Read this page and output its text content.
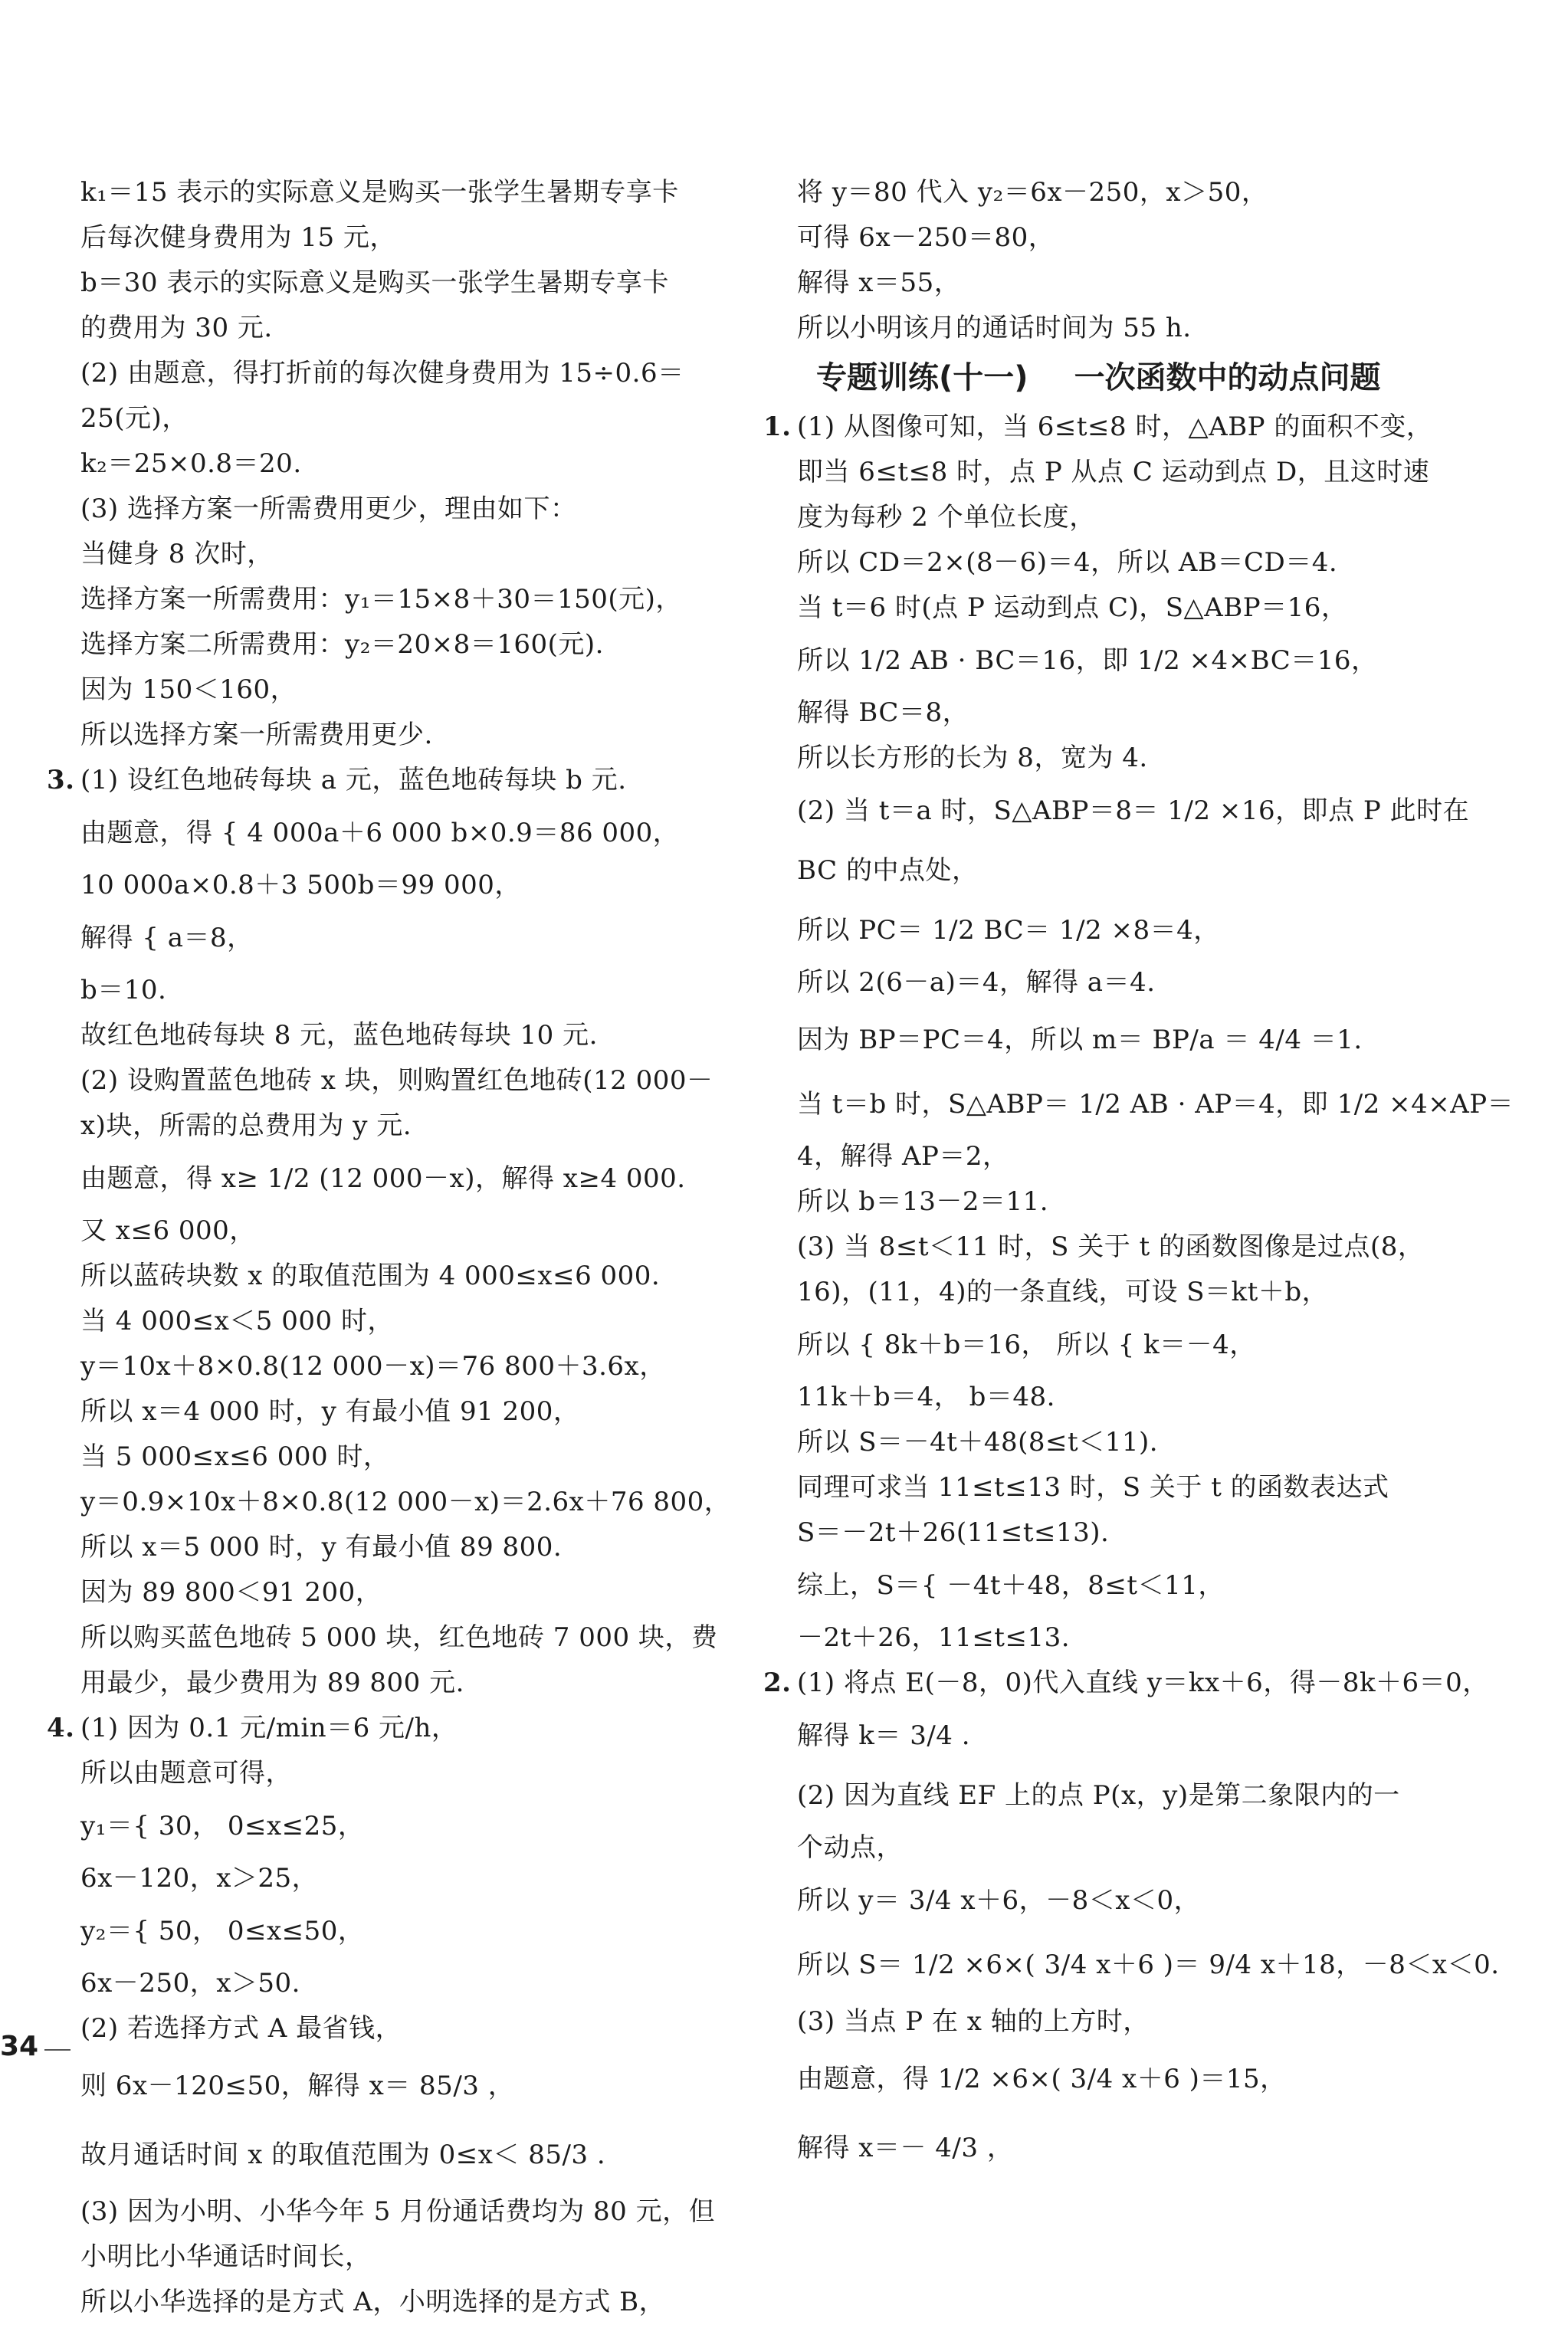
k₁＝15 表示的实际意义是购买一张学生暑期专享卡
后每次健身费用为 15 元，
b＝30 表示的实际意义是购买一张学生暑期专享卡
的费用为 30 元.
(2) 由题意，得打折前的每次健身费用为 15÷0.6＝
25(元)，
k₂＝25×0.8＝20.
(3) 选择方案一所需费用更少，理由如下：
当健身 8 次时，
选择方案一所需费用：y₁＝15×8＋30＝150(元)，
选择方案二所需费用：y₂＝20×8＝160(元).
因为 150＜160，
所以选择方案一所需费用更少.
3. (1) 设红色地砖每块 a 元，蓝色地砖每块 b 元.
由题意，得 { 4 000a＋6 000 b×0.9＝86 000，
10 000a×0.8＋3 500b＝99 000，
解得 { a＝8，
b＝10.
故红色地砖每块 8 元，蓝色地砖每块 10 元.
(2) 设购置蓝色地砖 x 块，则购置红色地砖(12 000－
x)块，所需的总费用为 y 元.
由题意，得 x≥ 1/2 (12 000－x)，解得 x≥4 000.
又 x≤6 000，
所以蓝砖块数 x 的取值范围为 4 000≤x≤6 000.
当 4 000≤x＜5 000 时，
y＝10x＋8×0.8(12 000－x)＝76 800＋3.6x，
所以 x＝4 000 时，y 有最小值 91 200，
当 5 000≤x≤6 000 时，
y＝0.9×10x＋8×0.8(12 000－x)＝2.6x＋76 800，
所以 x＝5 000 时，y 有最小值 89 800.
因为 89 800＜91 200，
所以购买蓝色地砖 5 000 块，红色地砖 7 000 块，费
用最少，最少费用为 89 800 元.
4. (1) 因为 0.1 元/min＝6 元/h，
所以由题意可得，
y₁＝{ 30， 0≤x≤25，
6x－120，x＞25，
y₂＝{ 50， 0≤x≤50，
6x－250，x＞50.
(2) 若选择方式 A 最省钱，
则 6x－120≤50，解得 x＝ 85/3 ，
故月通话时间 x 的取值范围为 0≤x＜ 85/3 .
(3) 因为小明、小华今年 5 月份通话费均为 80 元，但
小明比小华通话时间长，
所以小华选择的是方式 A，小明选择的是方式 B，
将 y＝80 代入 y₂＝6x－250，x＞50，
可得 6x－250＝80，
解得 x＝55，
所以小明该月的通话时间为 55 h.
专题训练(十一) 一次函数中的动点问题
1. (1) 从图像可知，当 6≤t≤8 时，△ABP 的面积不变，
即当 6≤t≤8 时，点 P 从点 C 运动到点 D，且这时速
度为每秒 2 个单位长度，
所以 CD＝2×(8－6)＝4，所以 AB＝CD＝4.
当 t＝6 时(点 P 运动到点 C)，S△ABP＝16，
所以 1/2 AB · BC＝16，即 1/2 ×4×BC＝16，
解得 BC＝8，
所以长方形的长为 8，宽为 4.
(2) 当 t＝a 时，S△ABP＝8＝ 1/2 ×16，即点 P 此时在
BC 的中点处，
所以 PC＝ 1/2 BC＝ 1/2 ×8＝4，
所以 2(6－a)＝4，解得 a＝4.
因为 BP＝PC＝4，所以 m＝ BP/a ＝ 4/4 ＝1.
当 t＝b 时，S△ABP＝ 1/2 AB · AP＝4，即 1/2 ×4×AP＝
4，解得 AP＝2，
所以 b＝13－2＝11.
(3) 当 8≤t＜11 时，S 关于 t 的函数图像是过点(8，
16)，(11，4)的一条直线，可设 S＝kt＋b，
所以 { 8k＋b＝16， 所以 { k＝－4，
11k＋b＝4， b＝48.
所以 S＝－4t＋48(8≤t＜11).
同理可求当 11≤t≤13 时，S 关于 t 的函数表达式
S＝－2t＋26(11≤t≤13).
综上，S＝{ －4t＋48，8≤t＜11，
－2t＋26，11≤t≤13.
2. (1) 将点 E(－8，0)代入直线 y＝kx＋6，得－8k＋6＝0，
解得 k＝ 3/4 .
(2) 因为直线 EF 上的点 P(x，y)是第二象限内的一
个动点，
所以 y＝ 3/4 x＋6，－8＜x＜0，
所以 S＝ 1/2 ×6×( 3/4 x＋6 )＝ 9/4 x＋18，－8＜x＜0.
(3) 当点 P 在 x 轴的上方时，
由题意，得 1/2 ×6×( 3/4 x＋6 )＝15，
解得 x＝－ 4/3 ，
34
